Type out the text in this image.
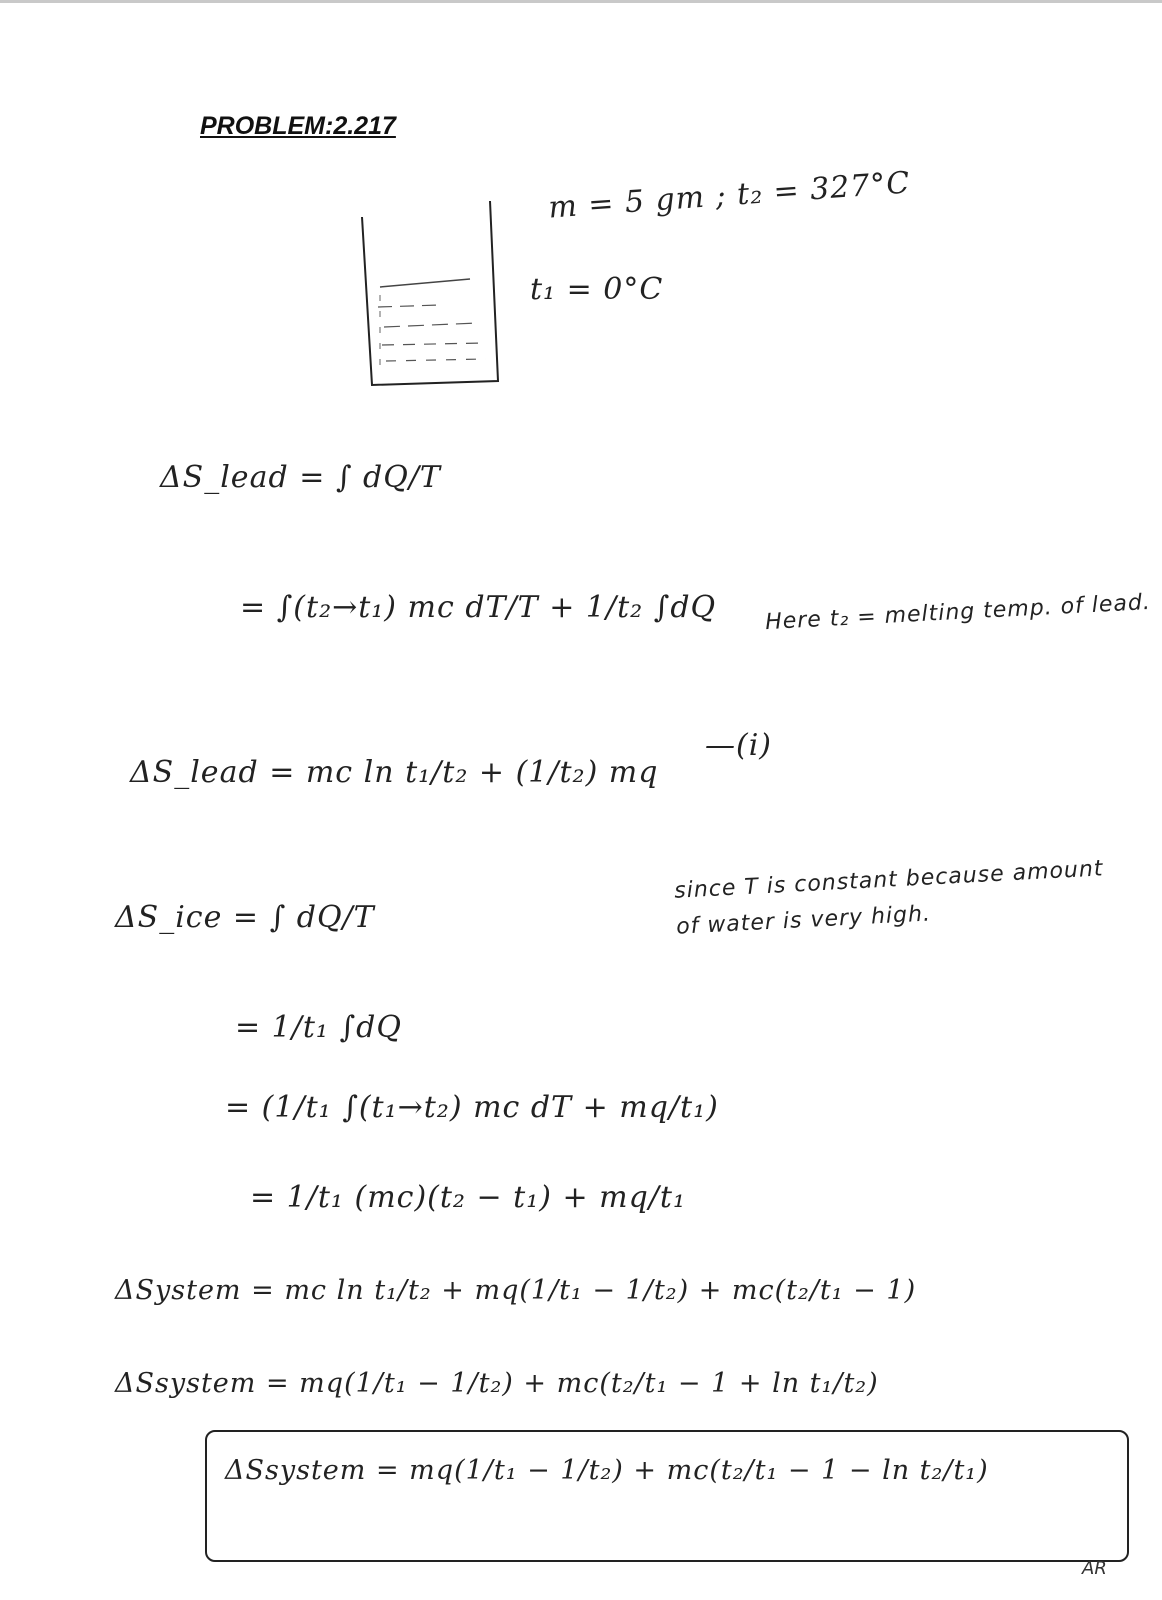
PROBLEM:2.217
m = 5 gm ; t₂ = 327°C
t₁ = 0°C
ΔS_lead = ∫ dQ/T
= ∫(t₂→t₁) mc dT/T + 1/t₂ ∫dQ Here t₂ = melting temp. of lead.
ΔS_lead = mc ln t₁/t₂ + (1/t₂) mq
—(i)
ΔS_ice = ∫ dQ/T
since T is constant because amount of water is very high.
= 1/t₁ ∫dQ
= (1/t₁ ∫(t₁→t₂) mc dT + mq/t₁)
= 1/t₁ (mc)(t₂ − t₁) + mq/t₁
ΔSystem = mc ln t₁/t₂ + mq(1/t₁ − 1/t₂) + mc(t₂/t₁ − 1)
ΔSsystem = mq(1/t₁ − 1/t₂) + mc(t₂/t₁ − 1 + ln t₁/t₂)
ΔSsystem = mq(1/t₁ − 1/t₂) + mc(t₂/t₁ − 1 − ln t₂/t₁)
AR
